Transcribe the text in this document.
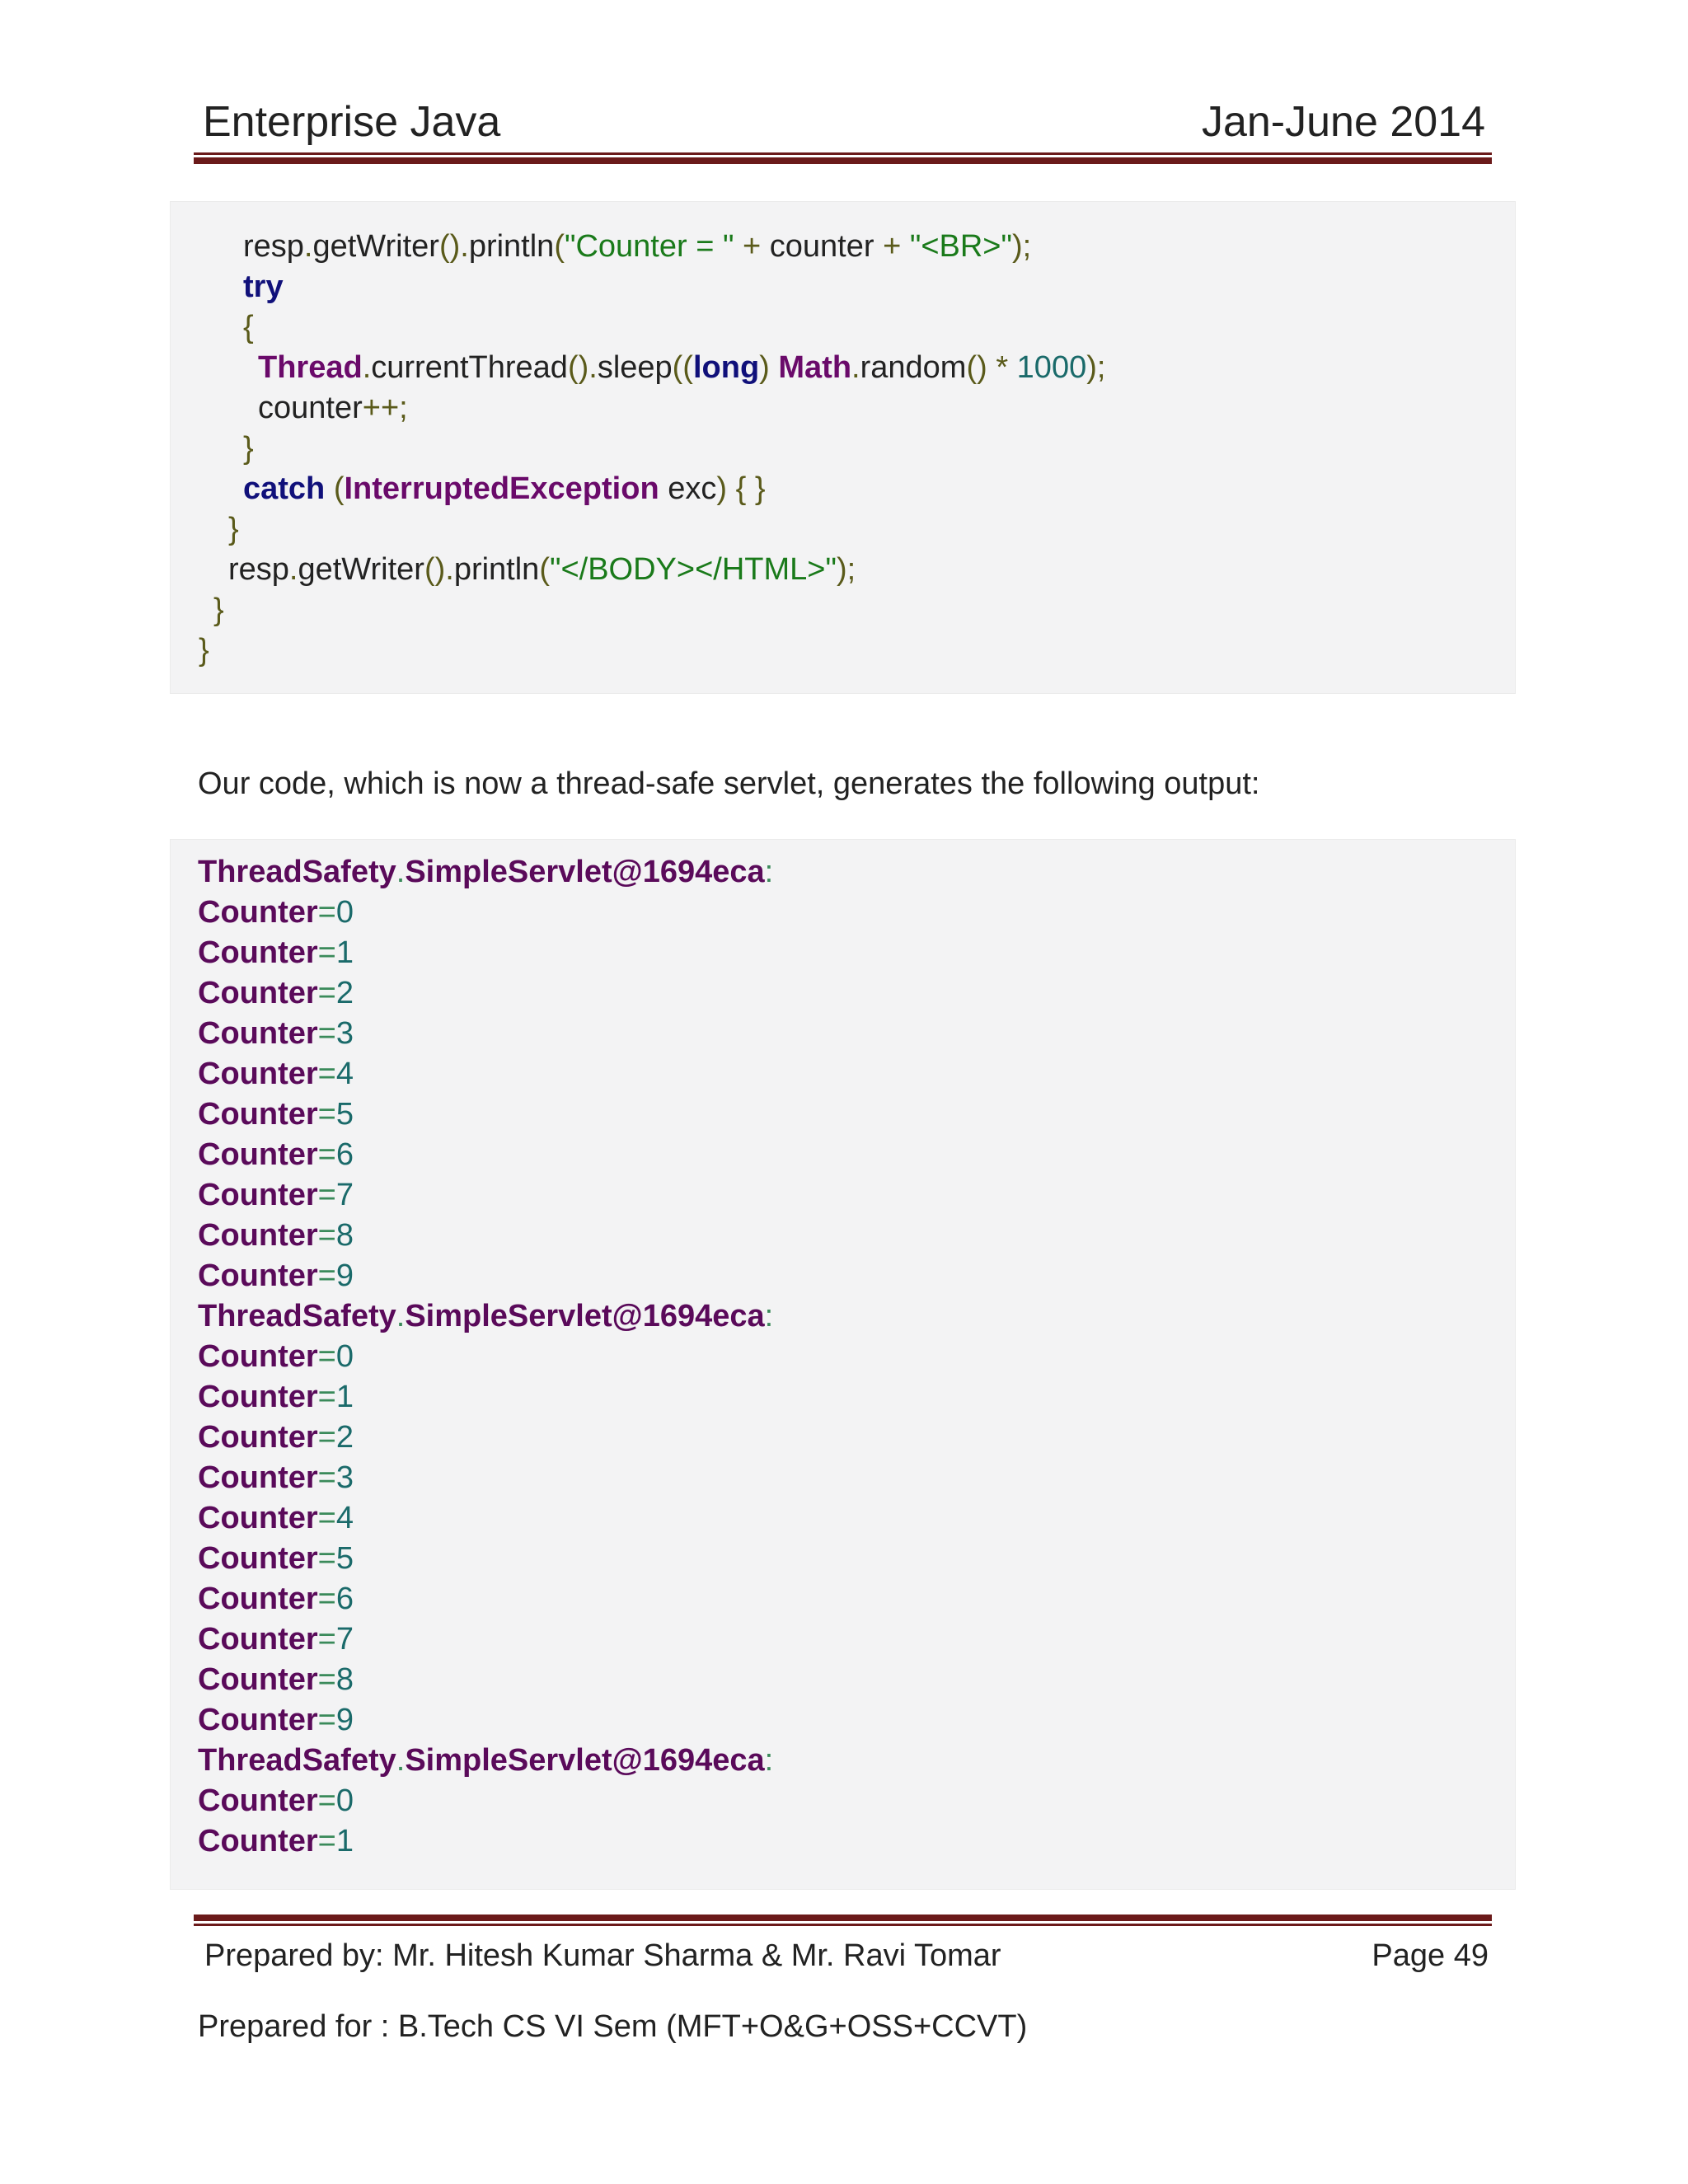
Enterprise Java	Jan-June 2014
resp.getWriter().println("Counter = " + counter + "<BR>");
try
{
Thread.currentThread().sleep((long) Math.random() * 1000);
counter++;
}
catch (InterruptedException exc) { }
}
resp.getWriter().println("</BODY></HTML>");
}
}
Our code, which is now a thread-safe servlet, generates the following output:
Prepared by: Mr. Hitesh Kumar Sharma & Mr. Ravi Tomar	Page 49
Prepared for : B.Tech CS VI Sem (MFT+O&G+OSS+CCVT)
ThreadSafety.SimpleServlet@1694eca:
Counter=0
Counter=1
Counter=2
Counter=3
Counter=4
Counter=5
Counter=6
Counter=7
Counter=8
Counter=9
ThreadSafety.SimpleServlet@1694eca:
Counter=0
Counter=1
Counter=2
Counter=3
Counter=4
Counter=5
Counter=6
Counter=7
Counter=8
Counter=9
ThreadSafety.SimpleServlet@1694eca:
Counter=0
Counter=1
